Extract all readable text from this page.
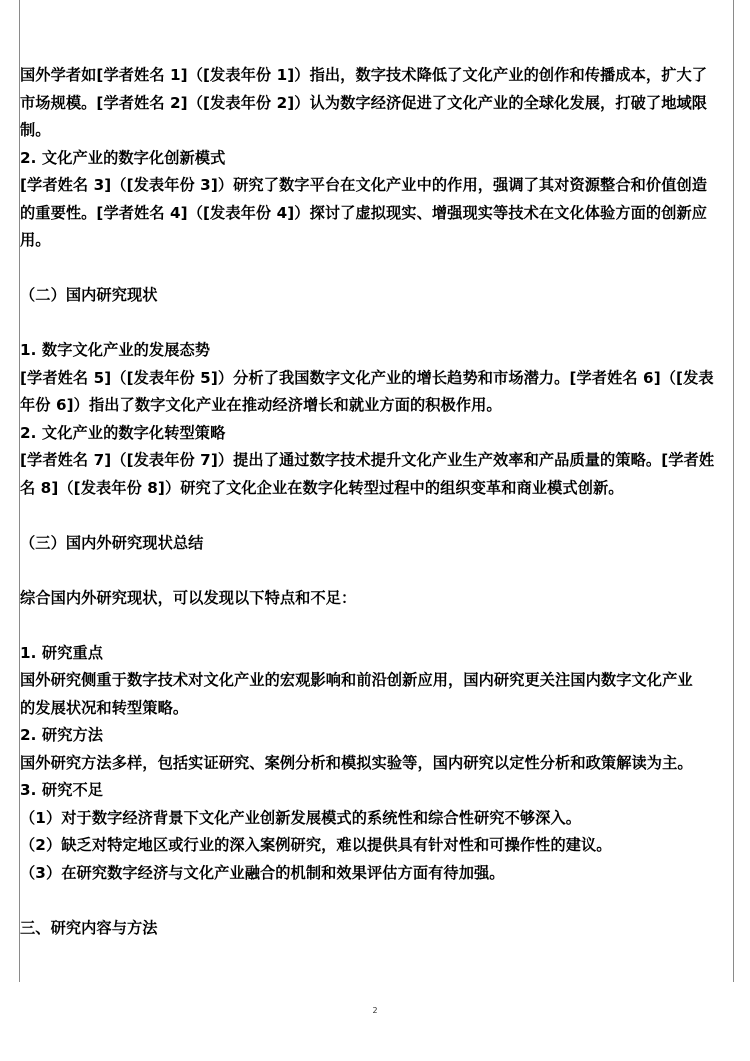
国外学者如[学者姓名 1]（[发表年份 1]）指出，数字技术降低了文化产业的创作和传播成本，扩大了
市场规模。[学者姓名 2]（[发表年份 2]）认为数字经济促进了文化产业的全球化发展，打破了地域限
制。
2. 文化产业的数字化创新模式
[学者姓名 3]（[发表年份 3]）研究了数字平台在文化产业中的作用，强调了其对资源整合和价值创造
的重要性。[学者姓名 4]（[发表年份 4]）探讨了虚拟现实、增强现实等技术在文化体验方面的创新应
用。
（二）国内研究现状
1. 数字文化产业的发展态势
[学者姓名 5]（[发表年份 5]）分析了我国数字文化产业的增长趋势和市场潜力。[学者姓名 6]（[发表
年份 6]）指出了数字文化产业在推动经济增长和就业方面的积极作用。
2. 文化产业的数字化转型策略
[学者姓名 7]（[发表年份 7]）提出了通过数字技术提升文化产业生产效率和产品质量的策略。[学者姓
名 8]（[发表年份 8]）研究了文化企业在数字化转型过程中的组织变革和商业模式创新。
（三）国内外研究现状总结
综合国内外研究现状，可以发现以下特点和不足：
1. 研究重点
国外研究侧重于数字技术对文化产业的宏观影响和前沿创新应用，国内研究更关注国内数字文化产业
的发展状况和转型策略。
2. 研究方法
国外研究方法多样，包括实证研究、案例分析和模拟实验等，国内研究以定性分析和政策解读为主。
3. 研究不足
（1）对于数字经济背景下文化产业创新发展模式的系统性和综合性研究不够深入。
（2）缺乏对特定地区或行业的深入案例研究，难以提供具有针对性和可操作性的建议。
（3）在研究数字经济与文化产业融合的机制和效果评估方面有待加强。
三、研究内容与方法
2
